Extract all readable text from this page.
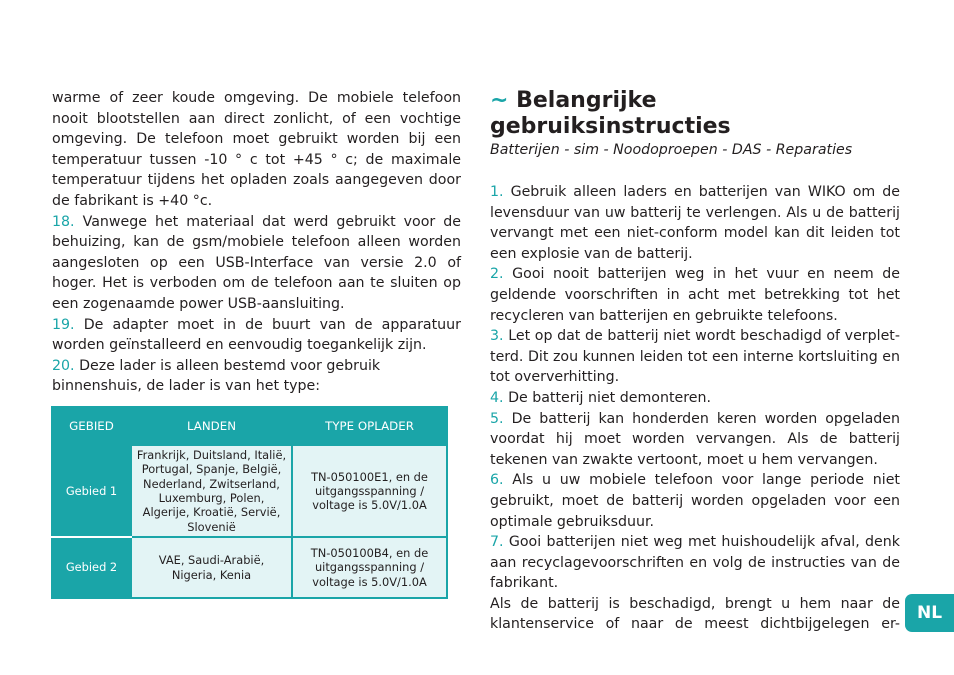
warme of zeer koude omgeving. De mobiele telefoon nooit blootstellen aan direct zonlicht, of een vochtige omgeving. De telefoon moet gebruikt worden bij een temperatuur tussen -10 ° c tot +45 ° c; de maximale temperatuur tijdens het opladen zoals aangegeven door de fabrikant is +40 °c.

18. Vanwege het materiaal dat werd gebruikt voor de behuizing, kan de gsm/mobiele telefoon alleen worden aangesloten op een USB-Interface van versie 2.0 of hoger. Het is verboden om de telefoon aan te sluiten op een zogenaamde power USB-aansluiting.

19. De adapter moet in de buurt van de apparatuur worden geïnstalleerd en eenvoudig toegankelijk zijn.

20. Deze lader is alleen bestemd voor gebruik binnenshuis, de lader is van het type:

GEBIED	LANDEN	TYPE OPLADER
Gebied 1	Frankrijk, Duitsland, Italië, Portugal, Spanje, België, Nederland, Zwitserland, Luxemburg, Polen, Algerije, Kroatië, Servië, Slovenië	TN-050100E1, en de uitgangsspanning / voltage is 5.0V/1.0A
Gebied 2	VAE, Saudi-Arabië, Nigeria, Kenia	TN-050100B4, en de uitgangsspanning / voltage is 5.0V/1.0A
~ Belangrijke gebruiksinstructies

Batterijen - sim - Noodoproepen - DAS - Reparaties

1. Gebruik alleen laders en batterijen van WIKO om de levensduur van uw batterij te verlengen. Als u de batterij vervangt met een niet-conform model kan dit leiden tot een explosie van de batterij.

2. Gooi nooit batterijen weg in het vuur en neem de geldende voorschriften in acht met betrekking tot het recycleren van batterijen en gebruikte telefoons.

3. Let op dat de batterij niet wordt beschadigd of verplet-terd. Dit zou kunnen leiden tot een interne kortsluiting en tot oververhitting.

4. De batterij niet demonteren.

5. De batterij kan honderden keren worden opgeladen voordat hij moet worden vervangen. Als de batterij tekenen van zwakte vertoont, moet u hem vervangen.

6. Als u uw mobiele telefoon voor lange periode niet gebruikt, moet de batterij worden opgeladen voor een optimale gebruiksduur.

7. Gooi batterijen niet weg met huishoudelijk afval, denk aan recyclagevoorschriften en volg de instructies van de fabrikant.

Als de batterij is beschadigd, brengt u hem naar de klantenservice of naar de meest dichtbijgelegen er-

NL
